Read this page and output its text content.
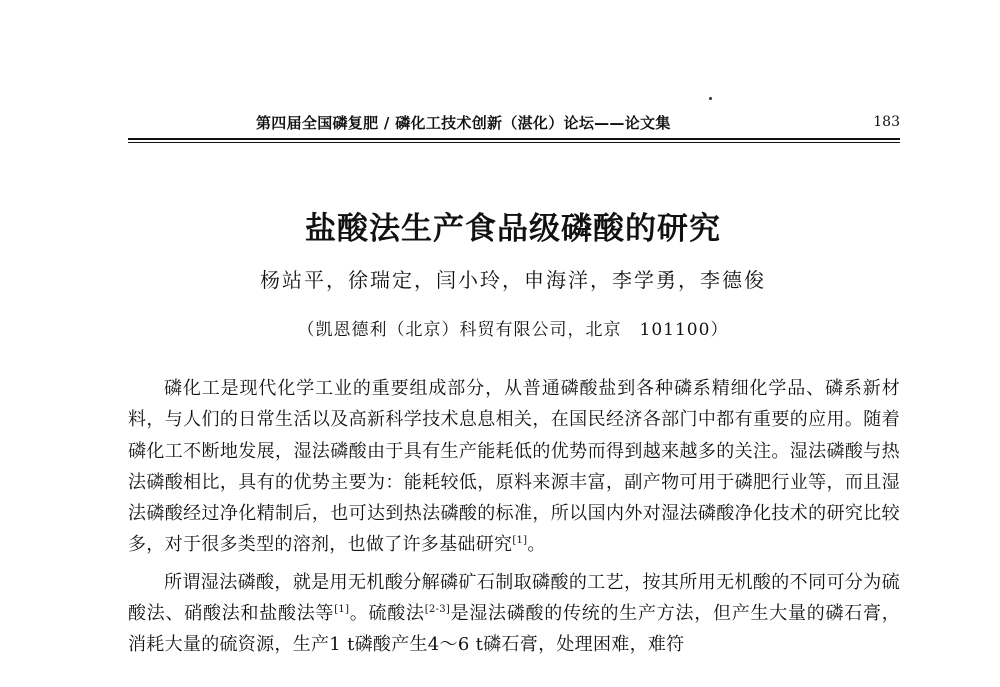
第四届全国磷复肥 / 磷化工技术创新（湛化）论坛——论文集	183
盐酸法生产食品级磷酸的研究
杨站平，徐瑞定，闫小玲，申海洋，李学勇，李德俊
（凯恩德利（北京）科贸有限公司，北京　101100）

磷化工是现代化学工业的重要组成部分，从普通磷酸盐到各种磷系精细化学品、磷系新材料，与人们的日常生活以及高新科学技术息息相关，在国民经济各部门中都有重要的应用。随着磷化工不断地发展，湿法磷酸由于具有生产能耗低的优势而得到越来越多的关注。湿法磷酸与热法磷酸相比，具有的优势主要为：能耗较低，原料来源丰富，副产物可用于磷肥行业等，而且湿法磷酸经过净化精制后，也可达到热法磷酸的标准，所以国内外对湿法磷酸净化技术的研究比较多，对于很多类型的溶剂，也做了许多基础研究[1]。

所谓湿法磷酸，就是用无机酸分解磷矿石制取磷酸的工艺，按其所用无机酸的不同可分为硫酸法、硝酸法和盐酸法等[1]。硫酸法[2-3]是湿法磷酸的传统的生产方法，但产生大量的磷石膏，消耗大量的硫资源，生产1 t磷酸产生4～6 t磷石膏，处理困难，难符
